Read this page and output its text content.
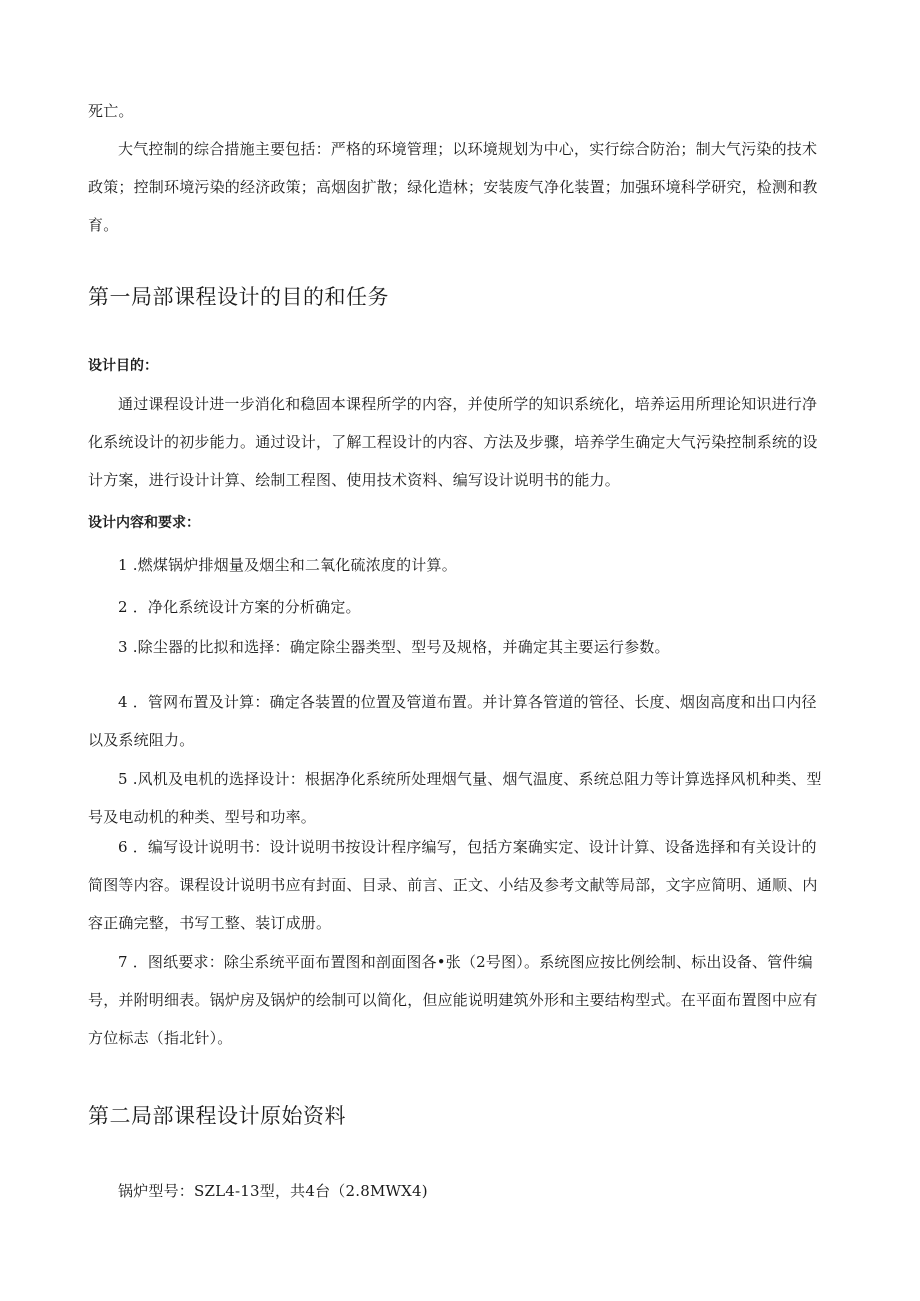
死亡。

大气控制的综合措施主要包括：严格的环境管理；以环境规划为中心，实行综合防治；制大气污染的技术政策；控制环境污染的经济政策；高烟囱扩散；绿化造林；安装废气净化装置；加强环境科学研究，检测和教育。

第一局部课程设计的目的和任务

设计目的：

通过课程设计进一步消化和稳固本课程所学的内容，并使所学的知识系统化，培养运用所理论知识进行净化系统设计的初步能力。通过设计，了解工程设计的内容、方法及步骤，培养学生确定大气污染控制系统的设计方案，进行设计计算、绘制工程图、使用技术资料、编写设计说明书的能力。

设计内容和要求：

1 .燃煤锅炉排烟量及烟尘和二氧化硫浓度的计算。

2 ．净化系统设计方案的分析确定。

3 .除尘器的比拟和选择：确定除尘器类型、型号及规格，并确定其主要运行参数。

4 ．管网布置及计算：确定各装置的位置及管道布置。并计算各管道的管径、长度、烟囱高度和出口内径以及系统阻力。

5 .风机及电机的选择设计：根据净化系统所处理烟气量、烟气温度、系统总阻力等计算选择风机种类、型号及电动机的种类、型号和功率。

6 ．编写设计说明书：设计说明书按设计程序编写，包括方案确实定、设计计算、设备选择和有关设计的简图等内容。课程设计说明书应有封面、目录、前言、正文、小结及参考文献等局部，文字应简明、通顺、内容正确完整，书写工整、装订成册。

7 ．图纸要求：除尘系统平面布置图和剖面图各•张（2号图）。系统图应按比例绘制、标出设备、管件编号，并附明细表。锅炉房及锅炉的绘制可以简化，但应能说明建筑外形和主要结构型式。在平面布置图中应有方位标志（指北针）。

第二局部课程设计原始资料

锅炉型号：SZL4-13型，共4台（2.8MWX4)
